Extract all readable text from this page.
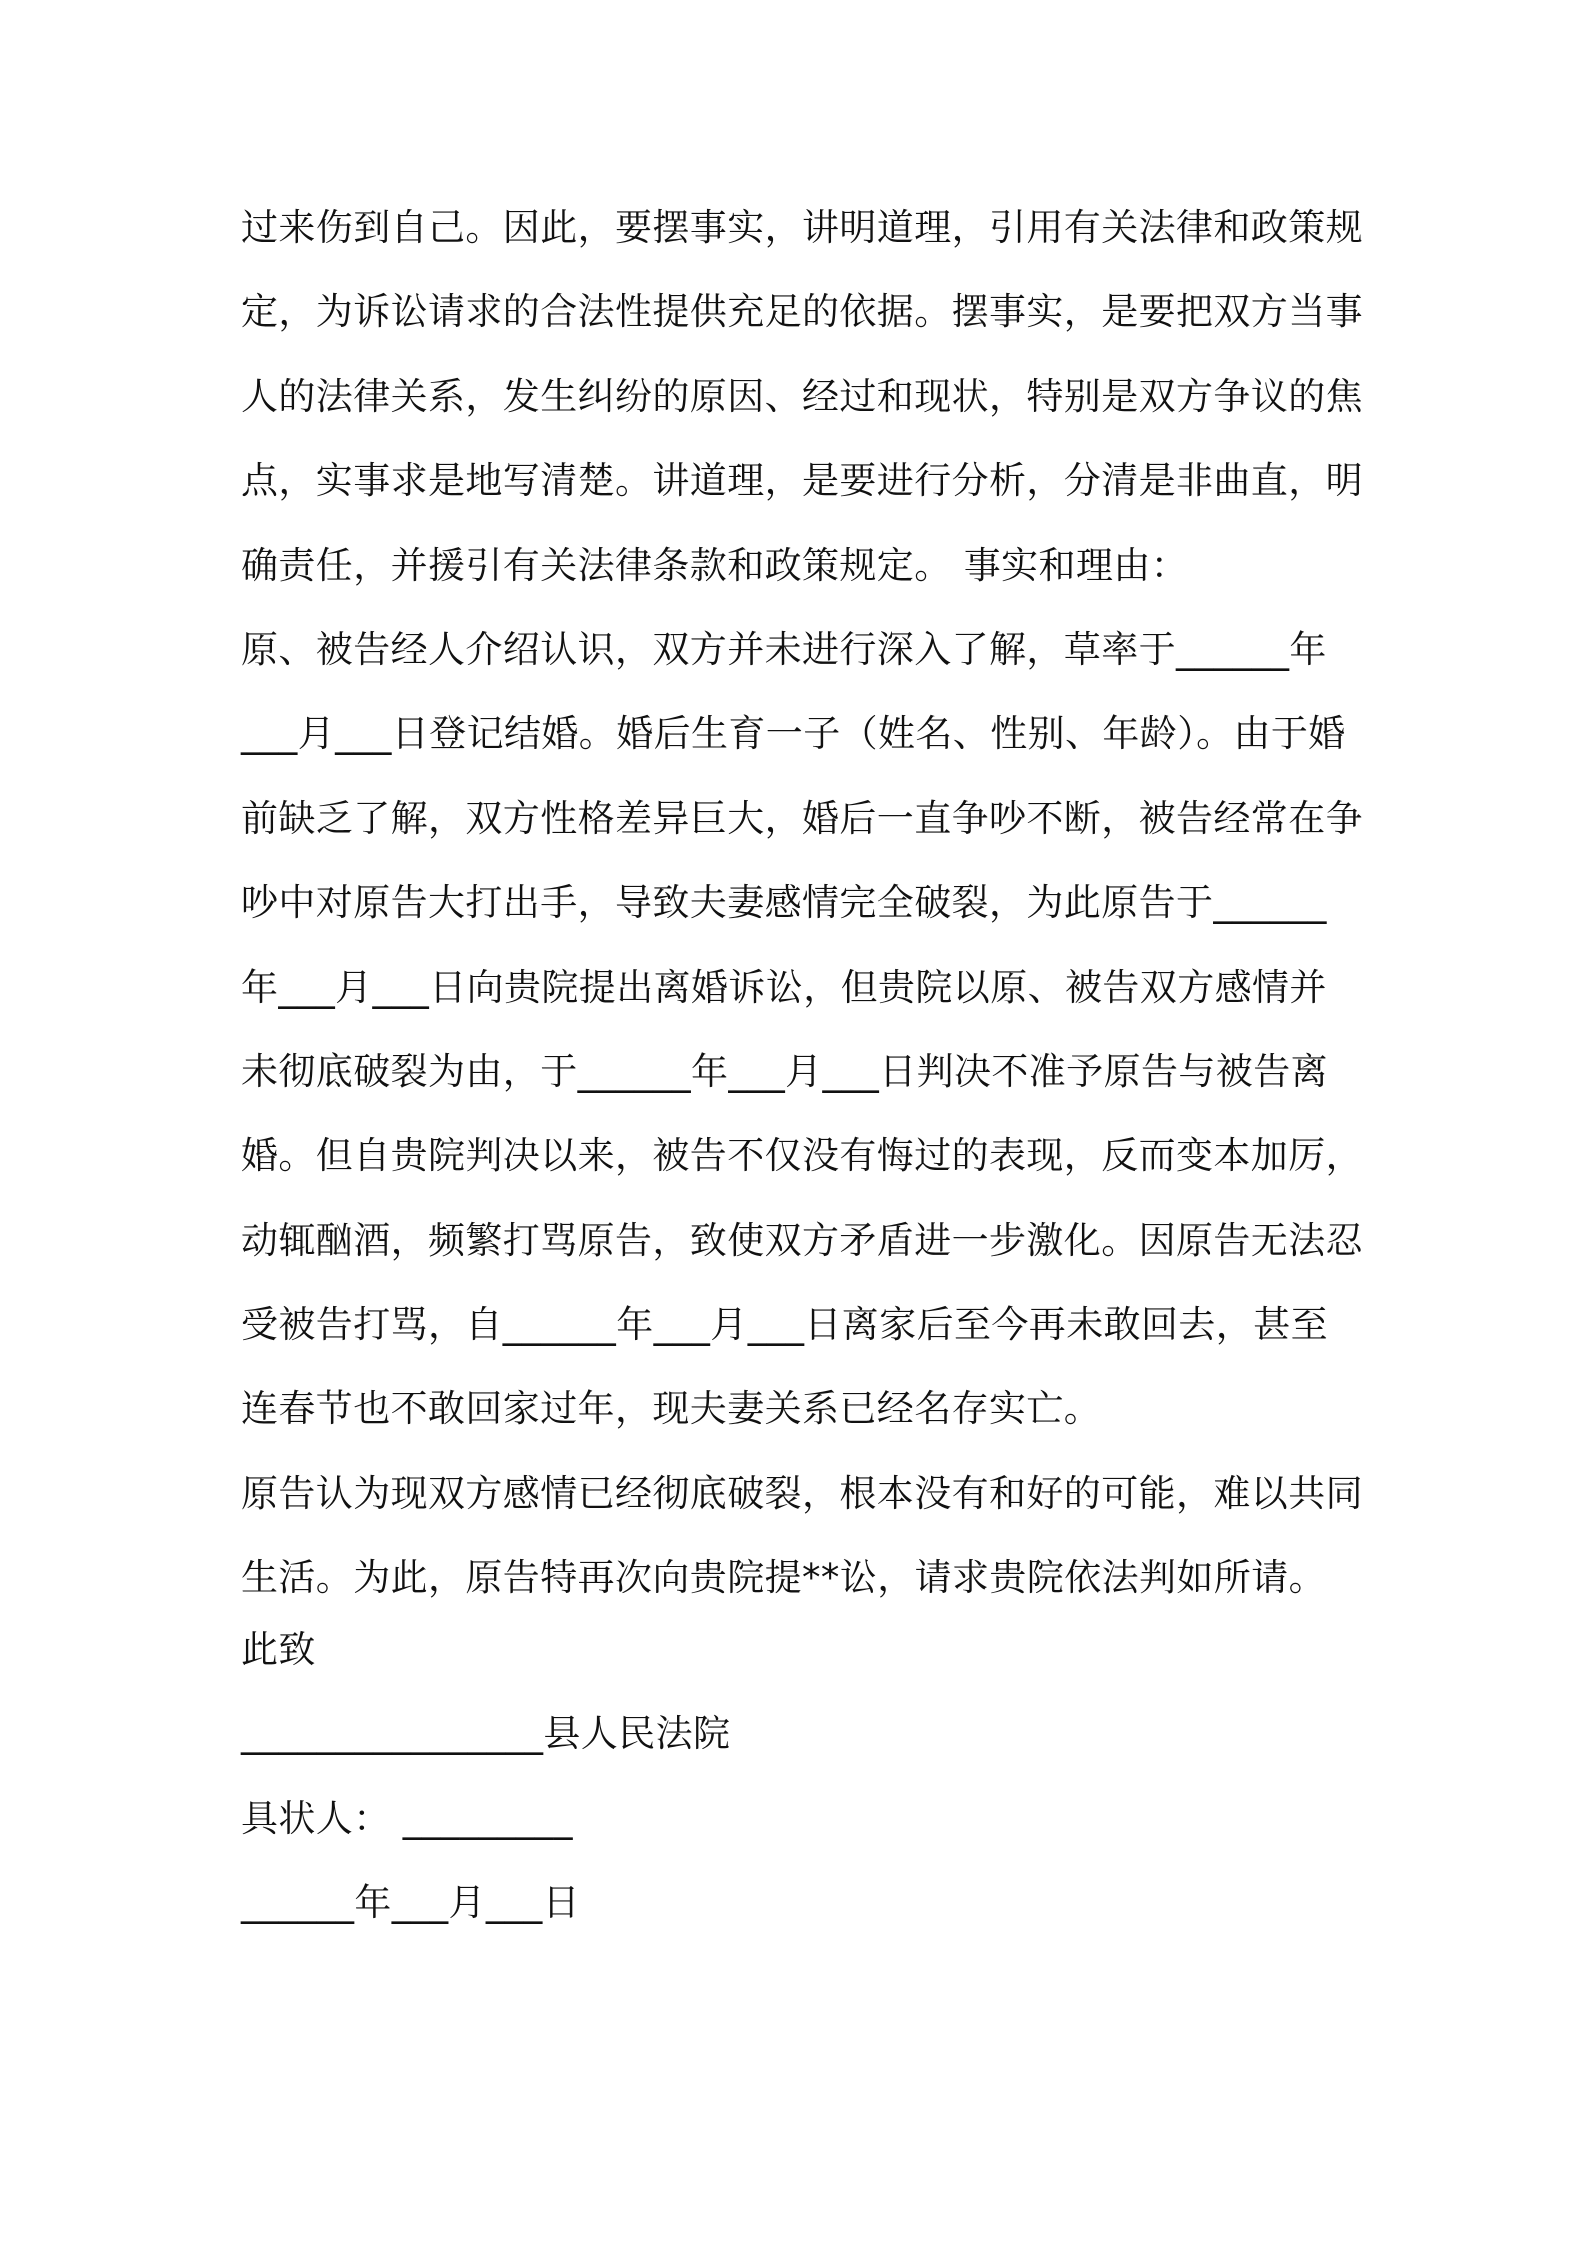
过来伤到自己。因此，要摆事实，讲明道理，引用有关法律和政策规
定，为诉讼请求的合法性提供充足的依据。摆事实，是要把双方当事
人的法律关系，发生纠纷的原因、经过和现状，特别是双方争议的焦
点，实事求是地写清楚。讲道理，是要进行分析，分清是非曲直，明
确责任，并援引有关法律条款和政策规定。 事实和理由：
原、被告经人介绍认识，双方并未进行深入了解，草率于______年
___月___日登记结婚。婚后生育一子（姓名、性别、年龄）。由于婚
前缺乏了解，双方性格差异巨大，婚后一直争吵不断，被告经常在争
吵中对原告大打出手，导致夫妻感情完全破裂，为此原告于______
年___月___日向贵院提出离婚诉讼，但贵院以原、被告双方感情并
未彻底破裂为由，于______年___月___日判决不准予原告与被告离
婚。但自贵院判决以来，被告不仅没有悔过的表现，反而变本加厉，
动辄酗酒，频繁打骂原告，致使双方矛盾进一步激化。因原告无法忍
受被告打骂，自______年___月___日离家后至今再未敢回去，甚至
连春节也不敢回家过年，现夫妻关系已经名存实亡。
原告认为现双方感情已经彻底破裂，根本没有和好的可能，难以共同
生活。为此，原告特再次向贵院提**讼，请求贵院依法判如所请。
此致
________________县人民法院
具状人： _________
______年___月___日
